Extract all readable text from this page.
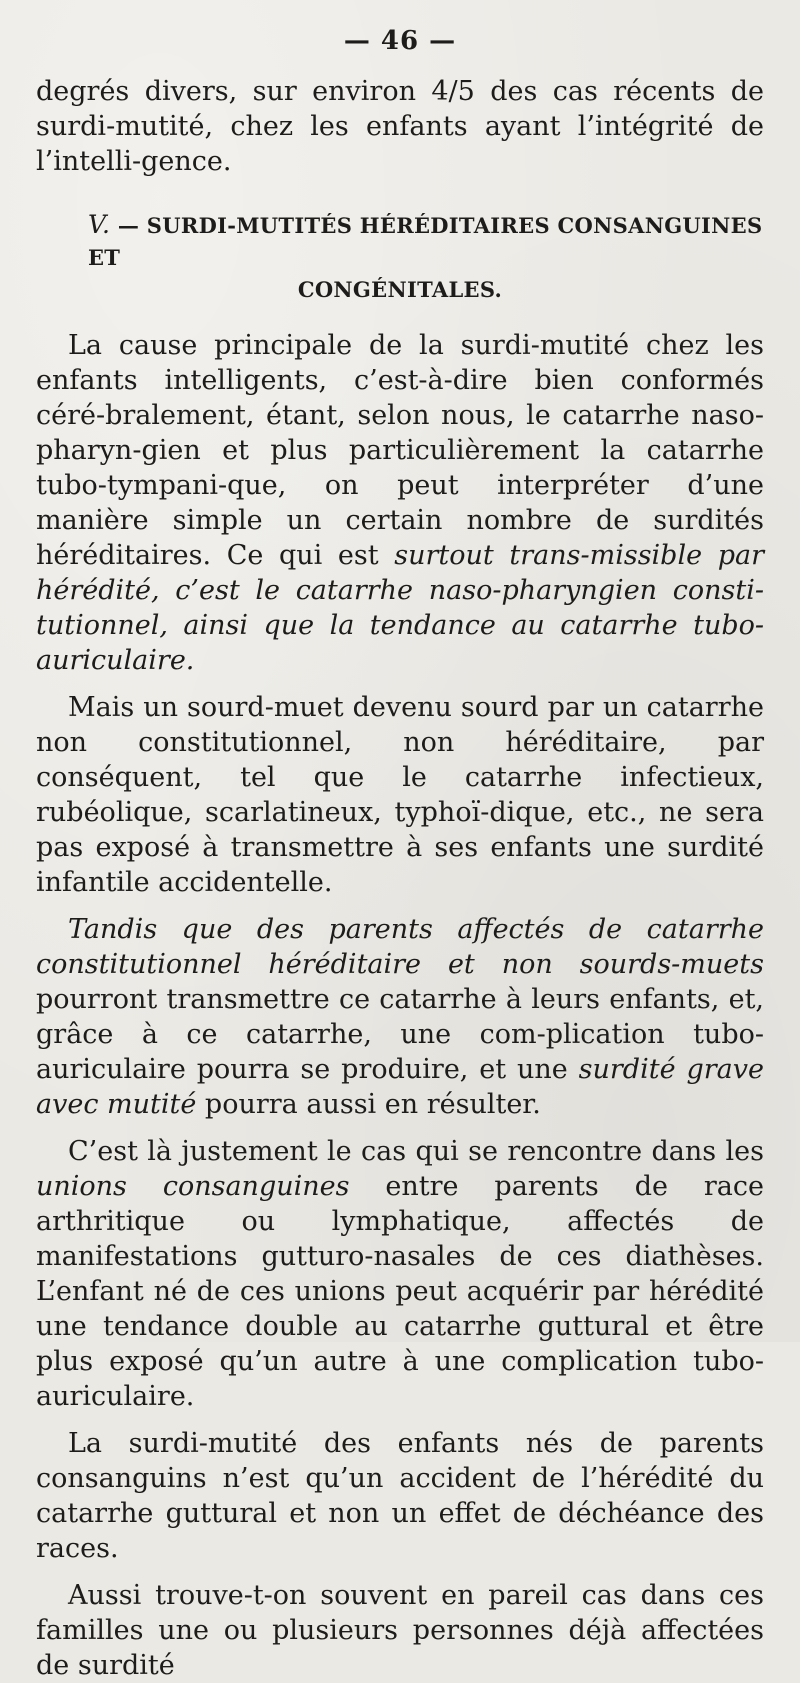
— 46 —

degrés divers, sur environ 4/5 des cas récents de surdi-mutité, chez les enfants ayant l’intégrité de l’intelli-gence.

V. — SURDI-MUTITÉS HÉRÉDITAIRES CONSANGUINES ET
CONGÉNITALES.

La cause principale de la surdi-mutité chez les enfants intelligents, c’est-à-dire bien conformés céré-bralement, étant, selon nous, le catarrhe naso-pharyn-gien et plus particulièrement la catarrhe tubo-tympani-que, on peut interpréter d’une manière simple un certain nombre de surdités héréditaires. Ce qui est surtout trans-missible par hérédité, c’est le catarrhe naso-pharyngien consti-tutionnel, ainsi que la tendance au catarrhe tubo-auriculaire.

Mais un sourd-muet devenu sourd par un catarrhe non constitutionnel, non héréditaire, par conséquent, tel que le catarrhe infectieux, rubéolique, scarlatineux, typhoï-dique, etc., ne sera pas exposé à transmettre à ses enfants une surdité infantile accidentelle.

Tandis que des parents affectés de catarrhe constitutionnel héréditaire et non sourds-muets pourront transmettre ce catarrhe à leurs enfants, et, grâce à ce catarrhe, une com-plication tubo-auriculaire pourra se produire, et une surdité grave avec mutité pourra aussi en résulter.

C’est là justement le cas qui se rencontre dans les unions consanguines entre parents de race arthritique ou lymphatique, affectés de manifestations gutturo-nasales de ces diathèses. L’enfant né de ces unions peut acquérir par hérédité une tendance double au catarrhe guttural et être plus exposé qu’un autre à une complication tubo-auriculaire.

La surdi-mutité des enfants nés de parents consanguins n’est qu’un accident de l’hérédité du catarrhe guttural et non un effet de déchéance des races.

Aussi trouve-t-on souvent en pareil cas dans ces familles une ou plusieurs personnes déjà affectées de surdité
